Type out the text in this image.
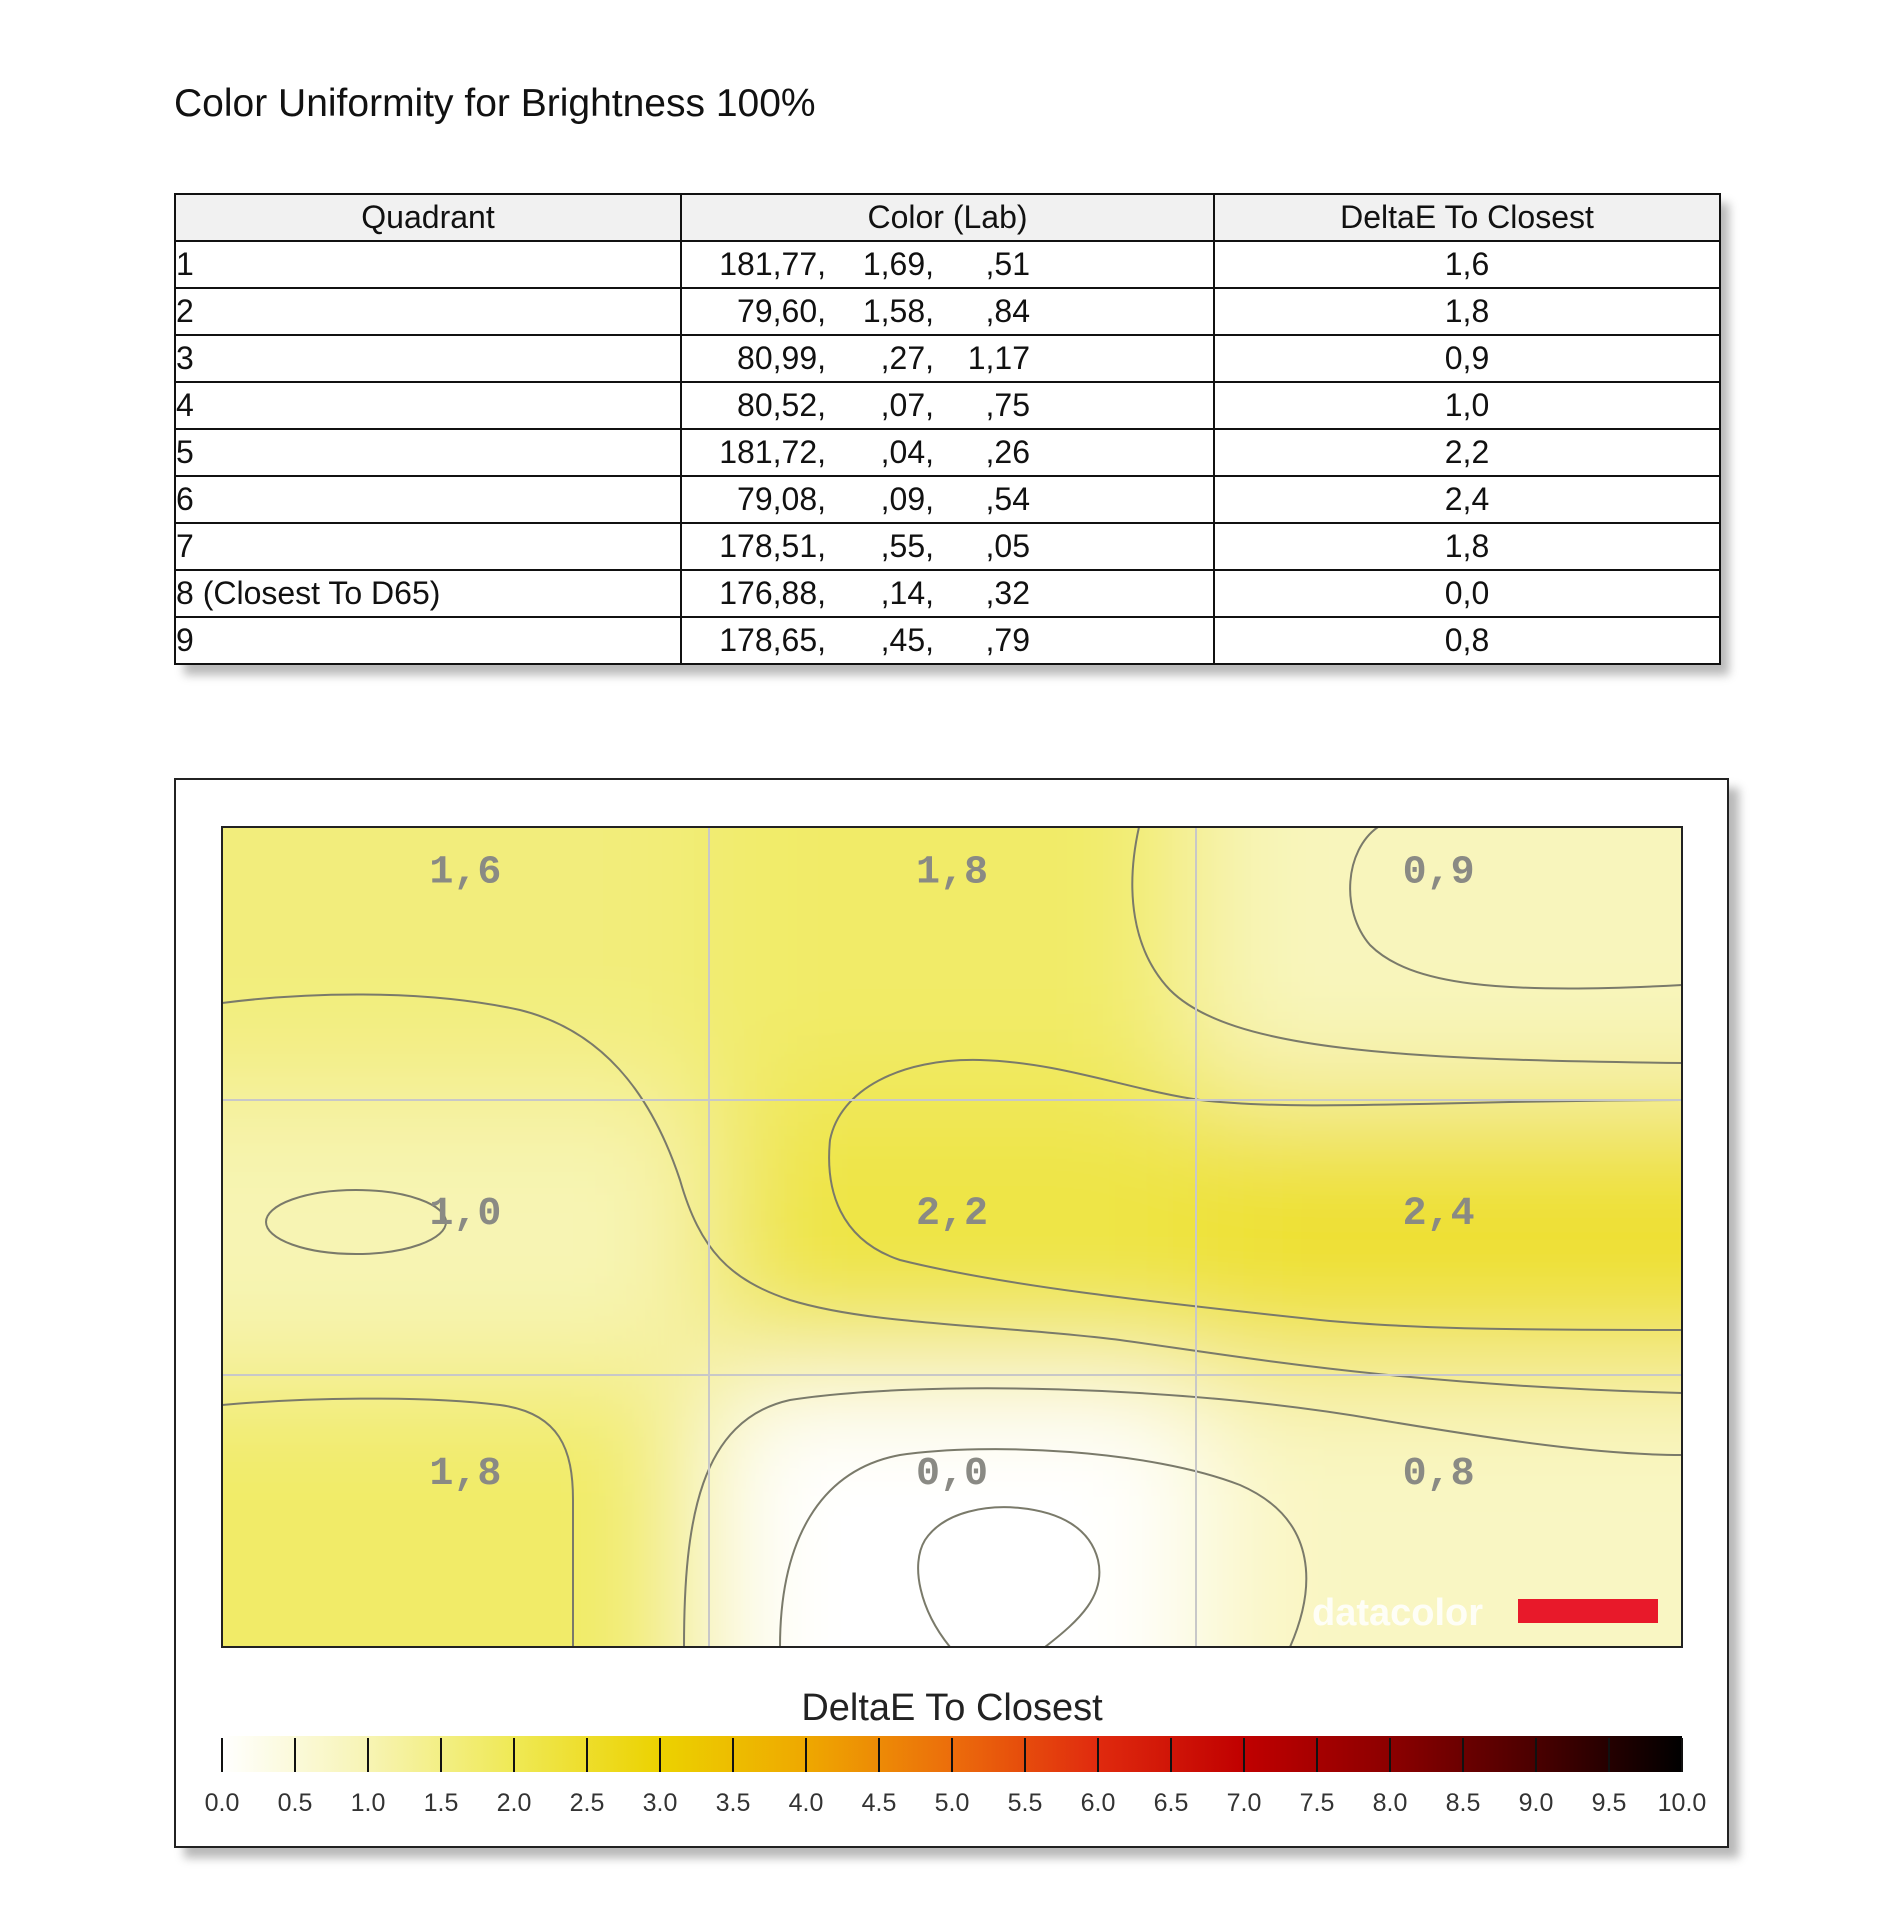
Color Uniformity for Brightness 100%
Quadrant	Color (Lab)	DeltaE To Closest
1	181,77, 1,69, ,51	1,6
2	79,60, 1,58, ,84	1,8
3	80,99, ,27, 1,17	0,9
4	80,52, ,07, ,75	1,0
5	181,72, ,04, ,26	2,2
6	79,08, ,09, ,54	2,4
7	178,51, ,55, ,05	1,8
8 (Closest To D65)	176,88, ,14, ,32	0,0
9	178,65, ,45, ,79	0,8
1,6	1,8	0,9
1,0	2,2	2,4
1,8	0,0	0,8
datacolor
DeltaE To Closest
0.0 0.5 1.0 1.5 2.0 2.5 3.0 3.5 4.0 4.5 5.0 5.5 6.0 6.5 7.0 7.5 8.0 8.5 9.0 9.5 10.0
